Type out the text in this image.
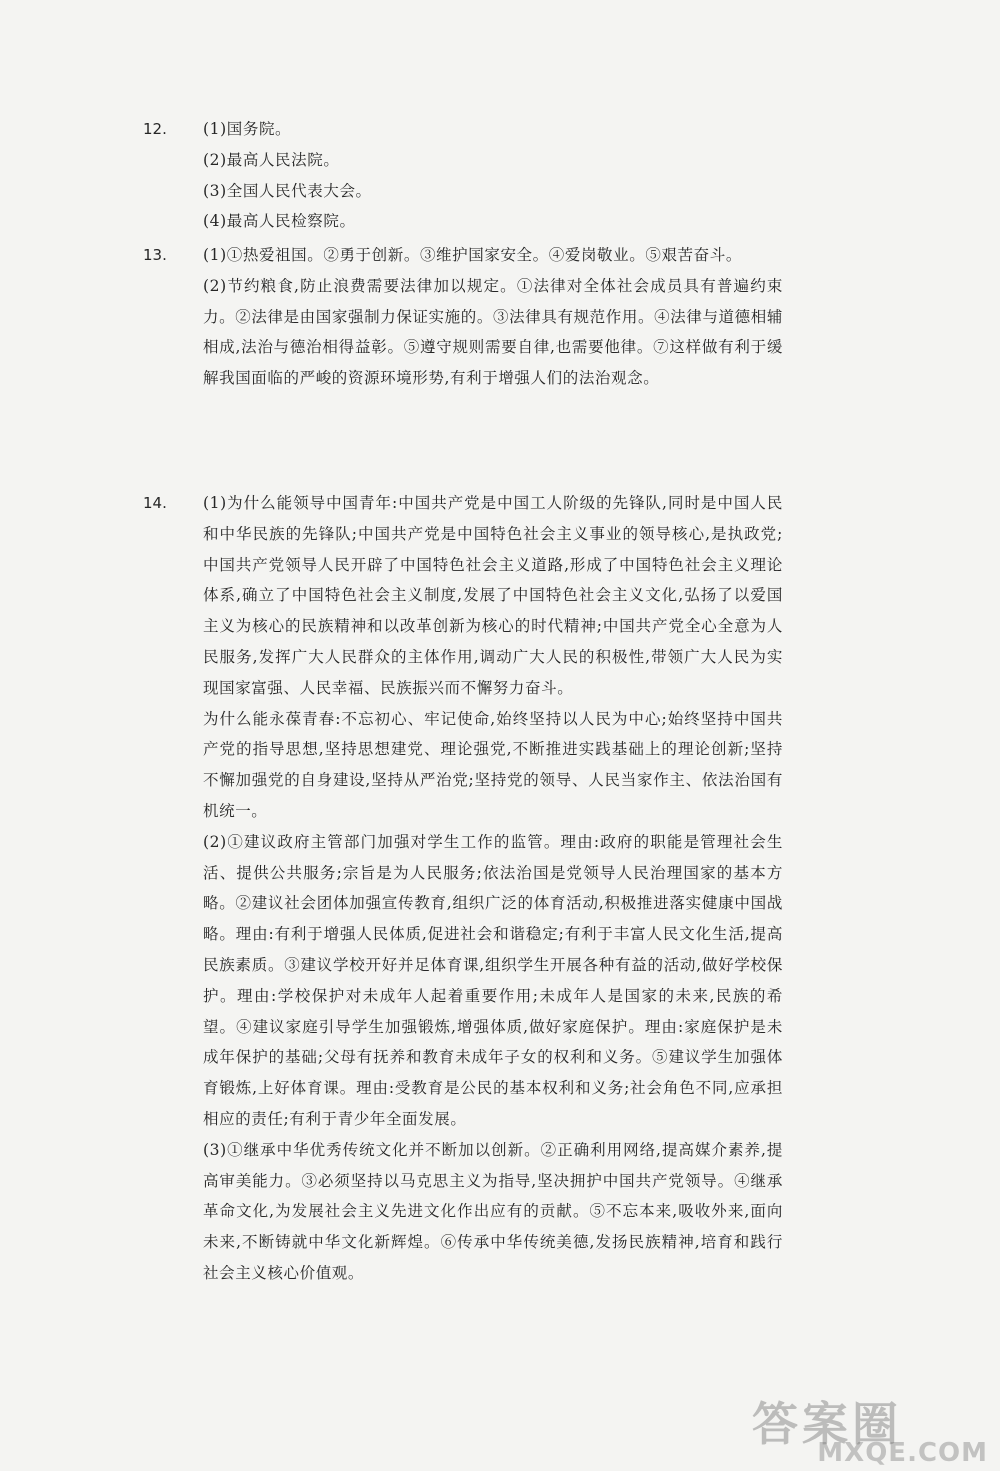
12.	(1)国务院。

(2)最高人民法院。

(3)全国人民代表大会。

(4)最高人民检察院。

13.	(1)①热爱祖国。②勇于创新。③维护国家安全。④爱岗敬业。⑤艰苦奋斗。

(2)节约粮食,防止浪费需要法律加以规定。①法律对全体社会成员具有普遍约束力。②法律是由国家强制力保证实施的。③法律具有规范作用。④法律与道德相辅相成,法治与德治相得益彰。⑤遵守规则需要自律,也需要他律。⑦这样做有利于缓解我国面临的严峻的资源环境形势,有利于增强人们的法治观念。

14.	(1)为什么能领导中国青年:中国共产党是中国工人阶级的先锋队,同时是中国人民和中华民族的先锋队;中国共产党是中国特色社会主义事业的领导核心,是执政党;中国共产党领导人民开辟了中国特色社会主义道路,形成了中国特色社会主义理论体系,确立了中国特色社会主义制度,发展了中国特色社会主义文化,弘扬了以爱国主义为核心的民族精神和以改革创新为核心的时代精神;中国共产党全心全意为人民服务,发挥广大人民群众的主体作用,调动广大人民的积极性,带领广大人民为实现国家富强、人民幸福、民族振兴而不懈努力奋斗。

为什么能永葆青春:不忘初心、牢记使命,始终坚持以人民为中心;始终坚持中国共产党的指导思想,坚持思想建党、理论强党,不断推进实践基础上的理论创新;坚持不懈加强党的自身建设,坚持从严治党;坚持党的领导、人民当家作主、依法治国有机统一。

(2)①建议政府主管部门加强对学生工作的监管。理由:政府的职能是管理社会生活、提供公共服务;宗旨是为人民服务;依法治国是党领导人民治理国家的基本方略。②建议社会团体加强宣传教育,组织广泛的体育活动,积极推进落实健康中国战略。理由:有利于增强人民体质,促进社会和谐稳定;有利于丰富人民文化生活,提高民族素质。③建议学校开好并足体育课,组织学生开展各种有益的活动,做好学校保护。理由:学校保护对未成年人起着重要作用;未成年人是国家的未来,民族的希望。④建议家庭引导学生加强锻炼,增强体质,做好家庭保护。理由:家庭保护是未成年保护的基础;父母有抚养和教育未成年子女的权利和义务。⑤建议学生加强体育锻炼,上好体育课。理由:受教育是公民的基本权利和义务;社会角色不同,应承担相应的责任;有利于青少年全面发展。

(3)①继承中华优秀传统文化并不断加以创新。②正确利用网络,提高媒介素养,提高审美能力。③必须坚持以马克思主义为指导,坚决拥护中国共产党领导。④继承革命文化,为发展社会主义先进文化作出应有的贡献。⑤不忘本来,吸收外来,面向未来,不断铸就中华文化新辉煌。⑥传承中华传统美德,发扬民族精神,培育和践行社会主义核心价值观。

答案圈
MXQE.COM
